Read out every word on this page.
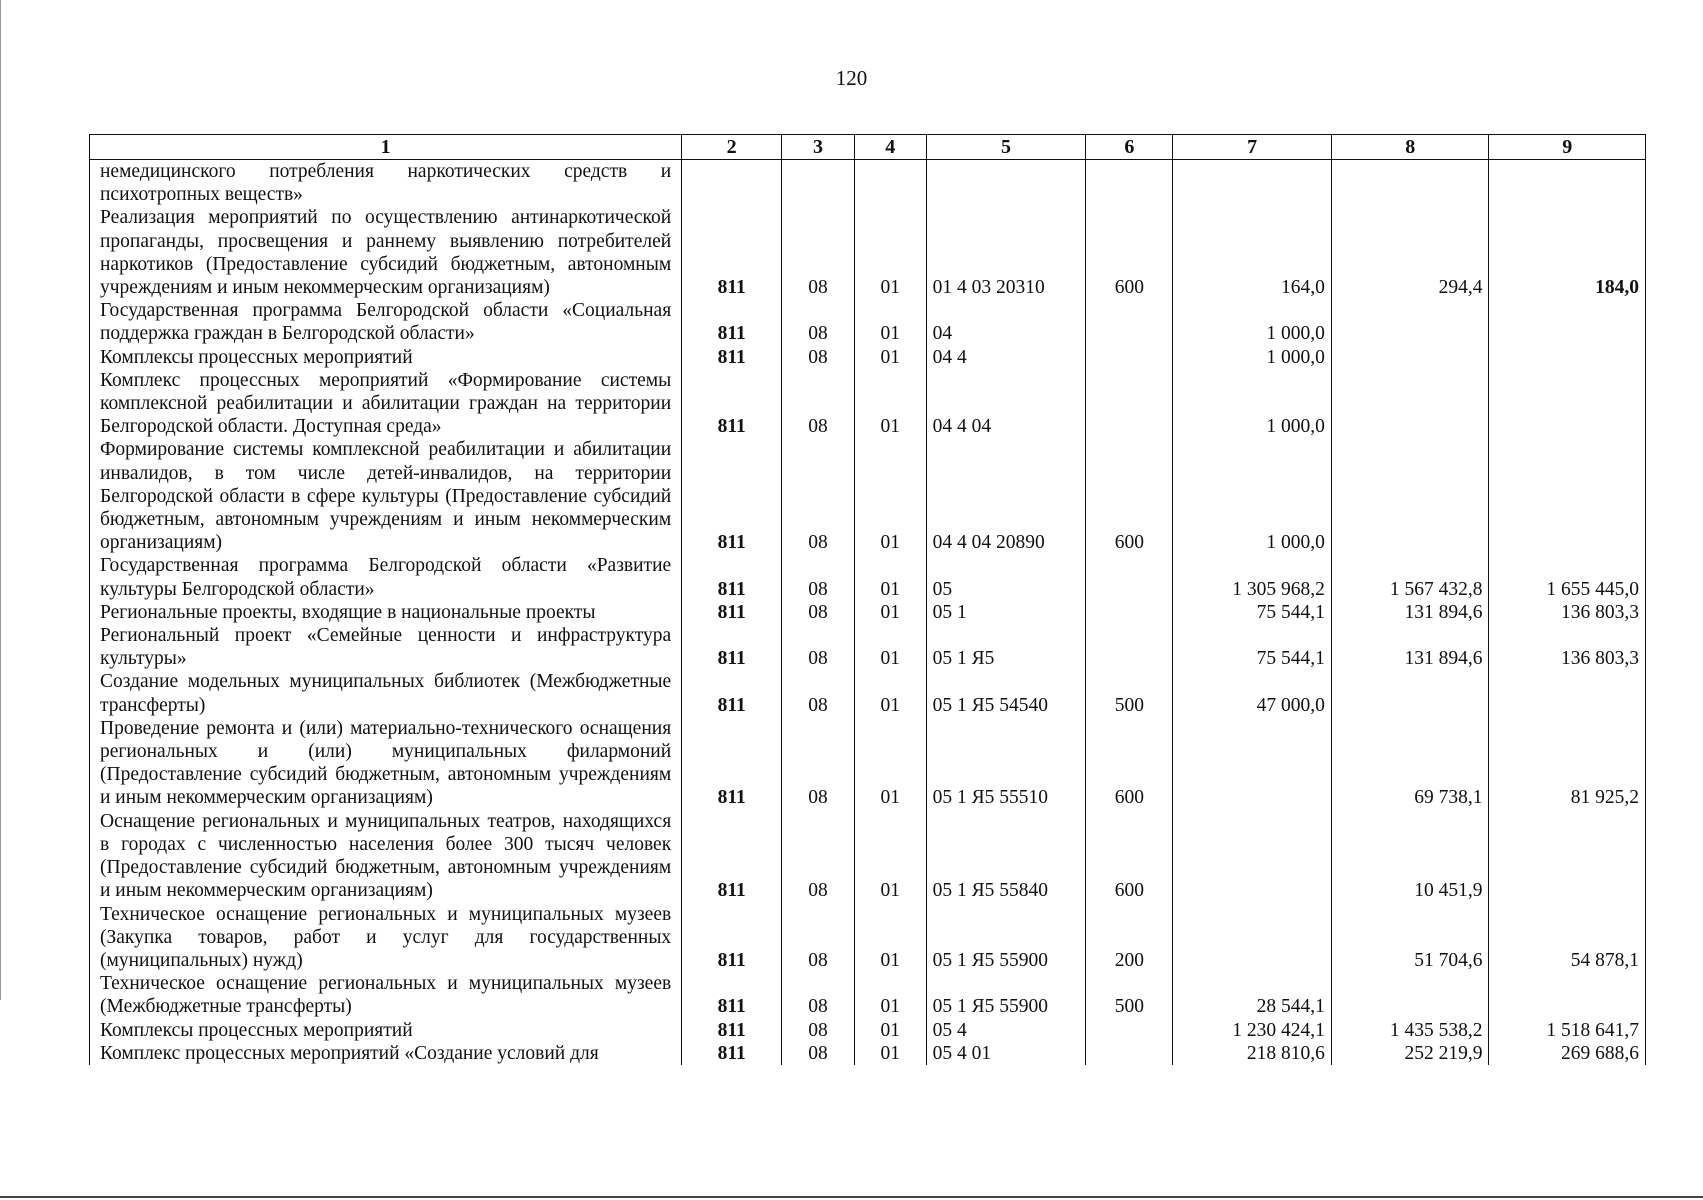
120
1	2	3	4	5	6	7	8	9
немедицинского потребления наркотических средств и психотропных веществ»								
Реализация мероприятий по осуществлению антинаркотической пропаганды, просвещения и раннему выявлению потребителей наркотиков (Предоставление субсидий бюджетным, автономным учреждениям и иным некоммерческим организациям)	811	08	01	01 4 03 20310	600	164,0	294,4	184,0
Государственная программа Белгородской области «Социальная поддержка граждан в Белгородской области»	811	08	01	04		1 000,0		
Комплексы процессных мероприятий	811	08	01	04 4		1 000,0		
Комплекс процессных мероприятий «Формирование системы комплексной реабилитации и абилитации граждан на территории Белгородской области. Доступная среда»	811	08	01	04 4 04		1 000,0		
Формирование системы комплексной реабилитации и абилитации инвалидов, в том числе детей-инвалидов, на территории Белгородской области в сфере культуры (Предоставление субсидий бюджетным, автономным учреждениям и иным некоммерческим организациям)	811	08	01	04 4 04 20890	600	1 000,0		
Государственная программа Белгородской области «Развитие культуры Белгородской области»	811	08	01	05		1 305 968,2	1 567 432,8	1 655 445,0
Региональные проекты, входящие в национальные проекты	811	08	01	05 1		75 544,1	131 894,6	136 803,3
Региональный проект «Семейные ценности и инфраструктура культуры»	811	08	01	05 1 Я5		75 544,1	131 894,6	136 803,3
Создание модельных муниципальных библиотек (Межбюджетные трансферты)	811	08	01	05 1 Я5 54540	500	47 000,0		
Проведение ремонта и (или) материально-технического оснащения региональных и (или) муниципальных филармоний (Предоставление субсидий бюджетным, автономным учреждениям и иным некоммерческим организациям)	811	08	01	05 1 Я5 55510	600		69 738,1	81 925,2
Оснащение региональных и муниципальных театров, находящихся в городах с численностью населения более 300 тысяч человек (Предоставление субсидий бюджетным, автономным учреждениям и иным некоммерческим организациям)	811	08	01	05 1 Я5 55840	600		10 451,9	
Техническое оснащение региональных и муниципальных музеев (Закупка товаров, работ и услуг для государственных (муниципальных) нужд)	811	08	01	05 1 Я5 55900	200		51 704,6	54 878,1
Техническое оснащение региональных и муниципальных музеев (Межбюджетные трансферты)	811	08	01	05 1 Я5 55900	500	28 544,1		
Комплексы процессных мероприятий	811	08	01	05 4		1 230 424,1	1 435 538,2	1 518 641,7
Комплекс процессных мероприятий «Создание условий для	811	08	01	05 4 01		218 810,6	252 219,9	269 688,6
